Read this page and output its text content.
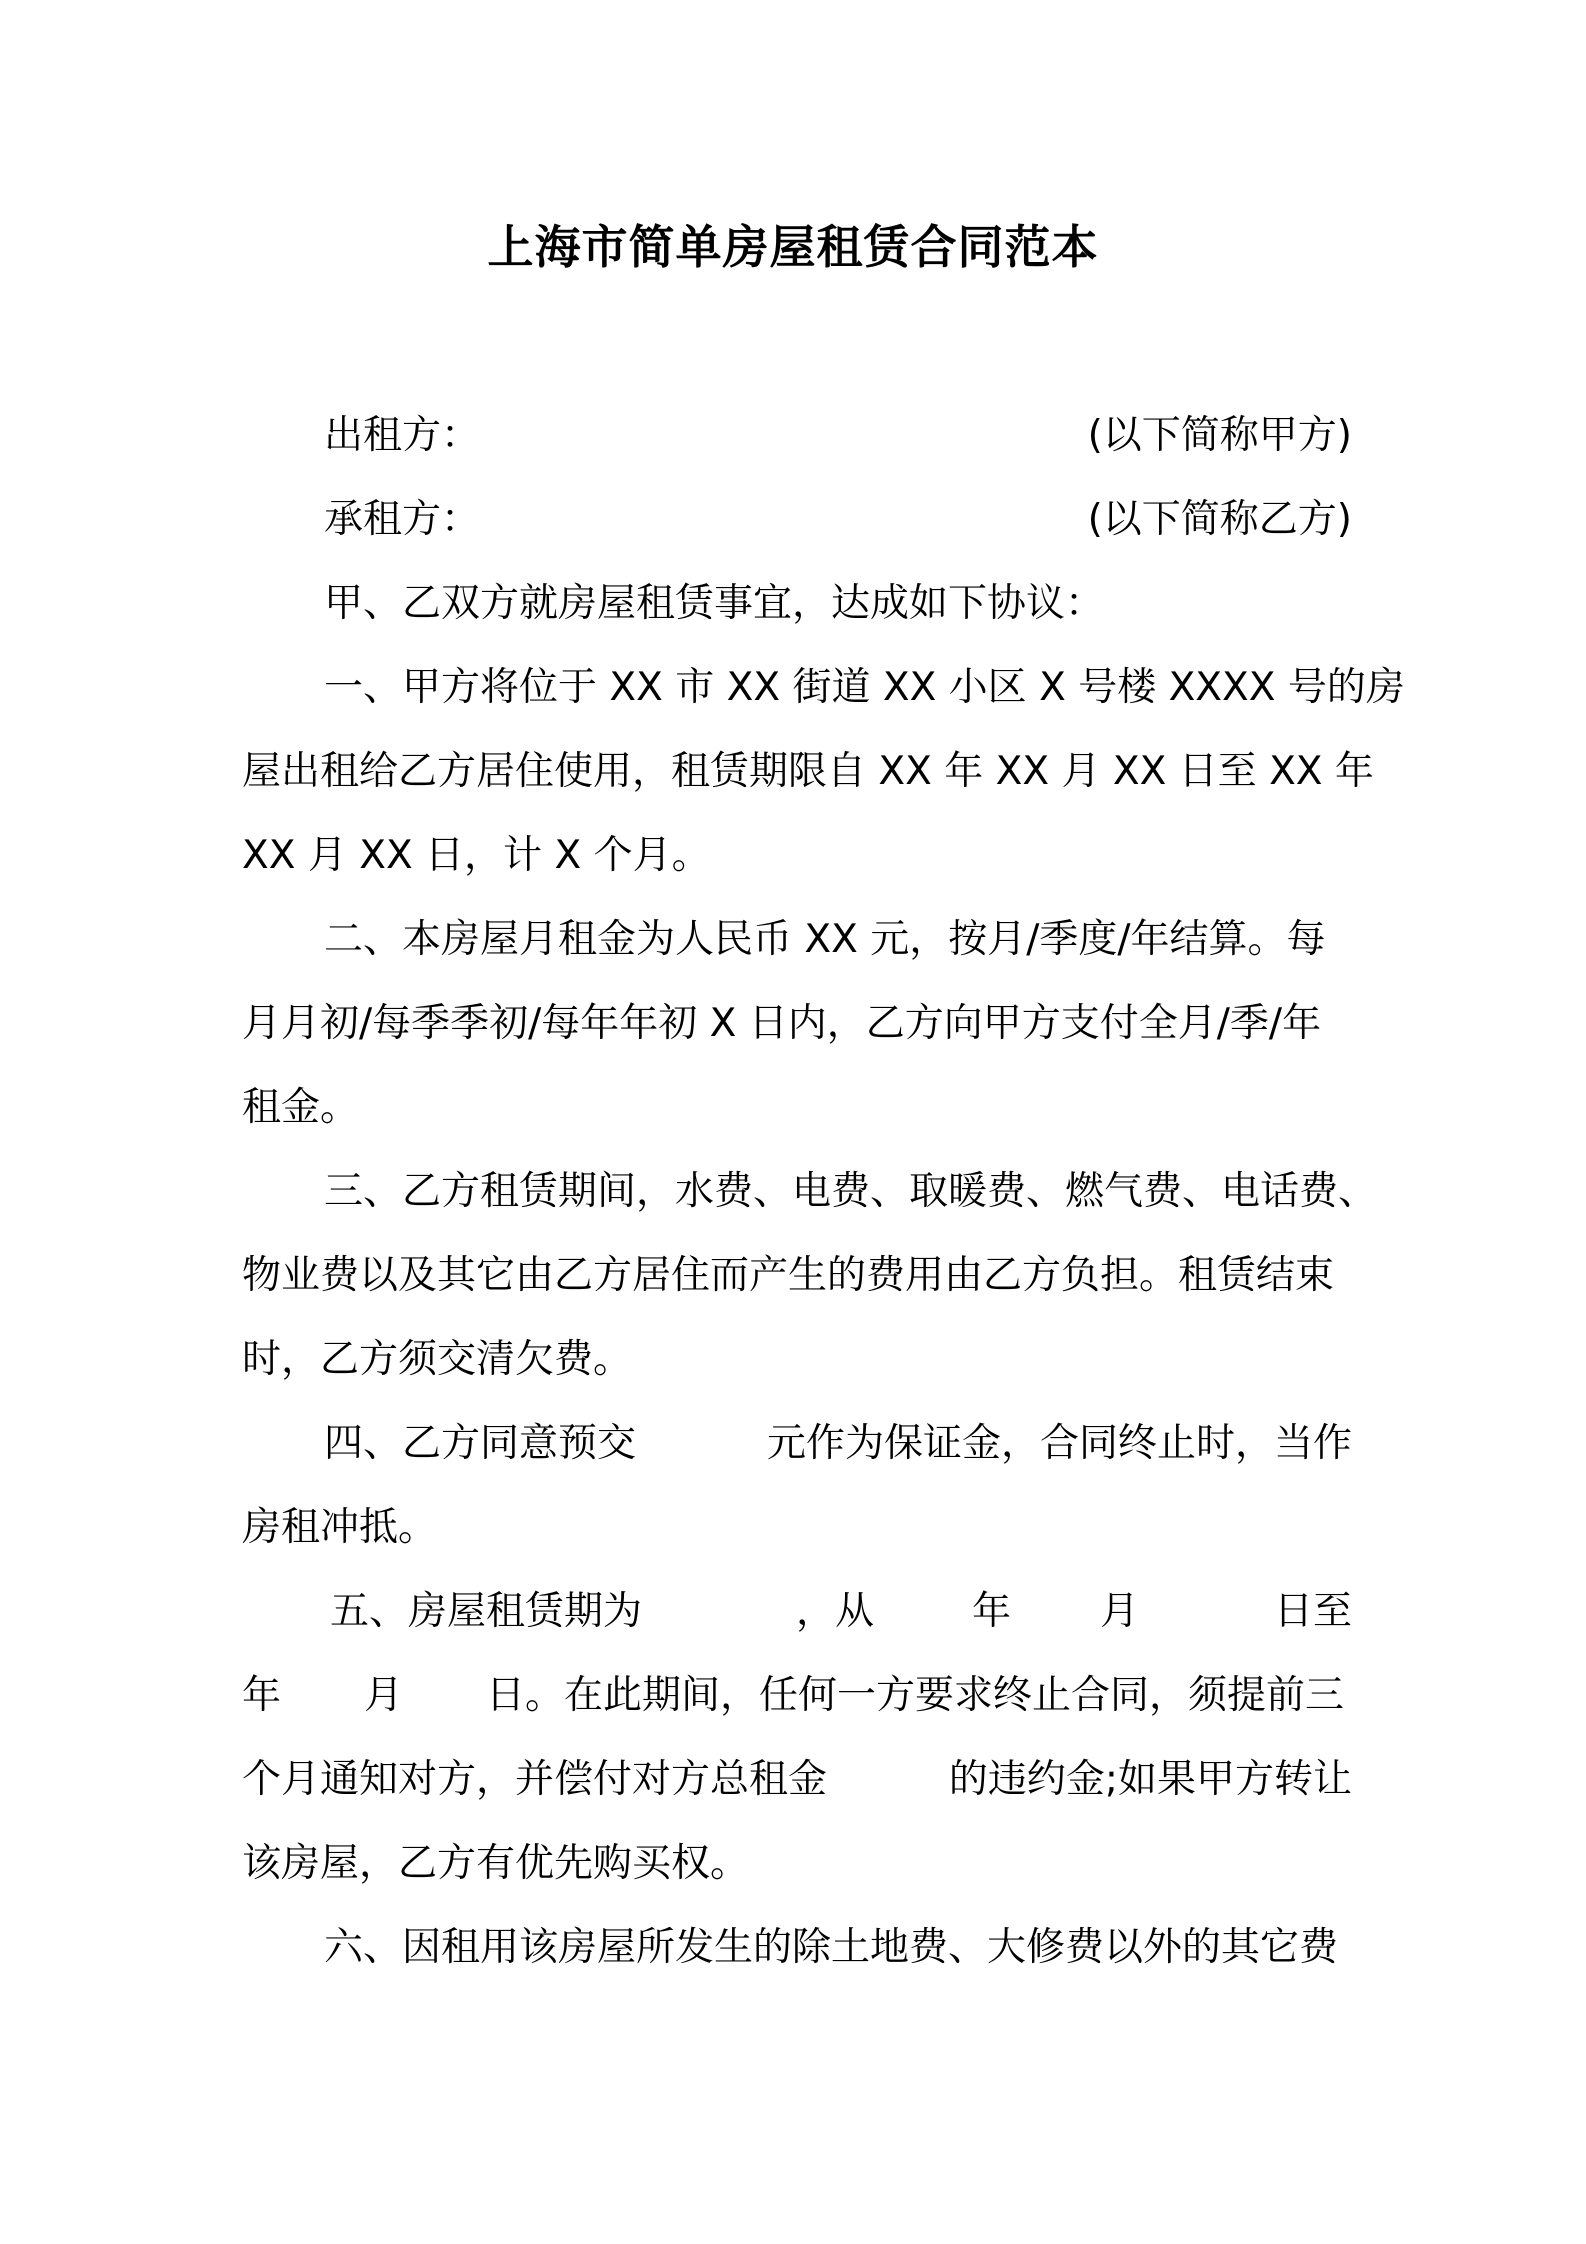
上海市简单房屋租赁合同范本
出租方：	(以下简称甲方)
承租方：	(以下简称乙方)
甲、乙双方就房屋租赁事宜，达成如下协议：
一、甲方将位于 XX 市 XX 街道 XX 小区 X 号楼 XXXX 号的房
屋出租给乙方居住使用，租赁期限自 XX 年 XX 月 XX 日至 XX 年
XX 月 XX 日，计 X 个月。
二、本房屋月租金为人民币 XX 元，按月/季度/年结算。每
月月初/每季季初/每年年初 X 日内，乙方向甲方支付全月/季/年
租金。
三、乙方租赁期间，水费、电费、取暖费、燃气费、电话费、
物业费以及其它由乙方居住而产生的费用由乙方负担。租赁结束
时，乙方须交清欠费。
四、乙方同意预交	元作为保证金，合同终止时，当作
房租冲抵。
五、房屋租赁期为	，从	年 月	日至
年 月 日。在此期间，任何一方要求终止合同，须提前三
个月通知对方，并偿付对方总租金	的违约金;如果甲方转让
该房屋，乙方有优先购买权。
六、因租用该房屋所发生的除土地费、大修费以外的其它费
